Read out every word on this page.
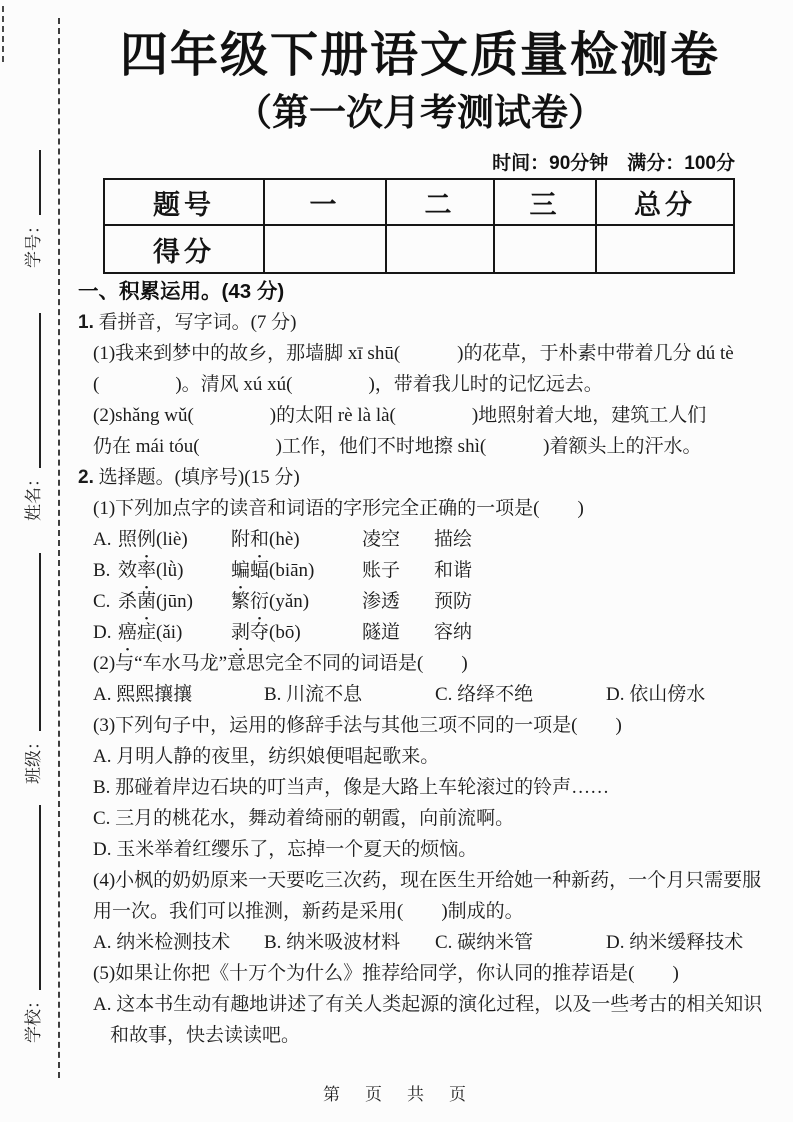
学号：
姓名：
班级：
学校：
四年级下册语文质量检测卷
（第一次月考测试卷）
时间：90分钟　满分：100分
题号	一	二	三	总分
得分
一、积累运用。(43 分)
1. 看拼音，写字词。(7 分)
(1)我来到梦中的故乡，那墙脚 xī shū(　　　)的花草，于朴素中带着几分 dú tè
(　　　　)。清风 xú xú(　　　　)，带着我儿时的记忆远去。
(2)shǎng wǔ(　　　　)的太阳 rè là là(　　　　)地照射着大地，建筑工人们
仍在 mái tóu(　　　　)工作，他们不时地擦 shì(　　　)着额头上的汗水。
2. 选择题。(填序号)(15 分)
(1)下列加点字的读音和词语的字形完全正确的一项是(　　)
A. 照例(liè)	附和(hè)	凌空	描绘
B. 效率(lǜ)	蝙蝠(biān)	账子	和谐
C. 杀菌(jūn)	繁衍(yǎn)	渗透	预防
D. 癌症(ǎi)	剥夺(bō)	隧道	容纳
(2)与“车水马龙”意思完全不同的词语是(　　)
A. 熙熙攘攘	B. 川流不息	C. 络绎不绝	D. 依山傍水
(3)下列句子中，运用的修辞手法与其他三项不同的一项是(　　)
A. 月明人静的夜里，纺织娘便唱起歌来。
B. 那碰着岸边石块的叮当声，像是大路上车轮滚过的铃声……
C. 三月的桃花水，舞动着绮丽的朝霞，向前流啊。
D. 玉米举着红缨乐了，忘掉一个夏天的烦恼。
(4)小枫的奶奶原来一天要吃三次药，现在医生开给她一种新药，一个月只需要服
用一次。我们可以推测，新药是采用(　　)制成的。
A. 纳米检测技术	B. 纳米吸波材料	C. 碳纳米管	D. 纳米缓释技术
(5)如果让你把《十万个为什么》推荐给同学，你认同的推荐语是(　　)
A. 这本书生动有趣地讲述了有关人类起源的演化过程，以及一些考古的相关知识
和故事，快去读读吧。
第　页　共　页
